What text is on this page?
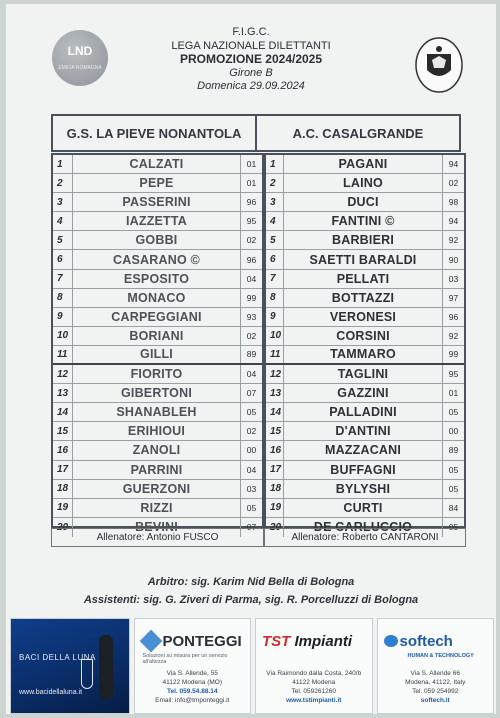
LND
EMILIA ROMAGNA
F.I.G.C.
LEGA NAZIONALE DILETTANTI
PROMOZIONE 2024/2025
Girone B
Domenica 29.09.2024
G.S. LA PIEVE NONANTOLA	A.C. CASALGRANDE
1	CALZATI	01
2	PEPE	01
3	PASSERINI	96
4	IAZZETTA	95
5	GOBBI	02
6	CASARANO ©	96
7	ESPOSITO	04
8	MONACO	99
9	CARPEGGIANI	93
10	BORIANI	02
11	GILLI	89
12	FIORITO	04
13	GIBERTONI	07
14	SHANABLEH	05
15	ERIHIOUI	02
16	ZANOLI	00
17	PARRINI	04
18	GUERZONI	03
19	RIZZI	05
20	BEVINI	07
1	PAGANI	94
2	LAINO	02
3	DUCI	98
4	FANTINI ©	94
5	BARBIERI	92
6	SAETTI BARALDI	90
7	PELLATI	03
8	BOTTAZZI	97
9	VERONESI	96
10	CORSINI	92
11	TAMMARO	99
12	TAGLINI	95
13	GAZZINI	01
14	PALLADINI	05
15	D'ANTINI	00
16	MAZZACANI	89
17	BUFFAGNI	05
18	BYLYSHI	05
19	CURTI	84
20	DE CARLUCCIO	05
Allenatore: Antonio FUSCO	Allenatore: Roberto CANTARONI
Arbitro: sig. Karim Nid Bella di Bologna
Assistenti: sig. G. Ziveri di Parma, sig. R. Porcelluzzi di Bologna
BACI DELLA LUNA
www.bacidellaluna.it
PONTEGGI
Soluzioni su misura per un servizio all'altezza
Via S. Allende, 55
41122 Modena (MO)
Tel. 059.54.88.14
Email: info@tmponteggi.it
TST Impianti
Via Raimondo dalla Costa, 240/b
41122 Modena
Tel. 059261260
www.tstimpianti.it
softech
HUMAN & TECHNOLOGY
Via S. Allende 66
Modena, 41122, Italy
Tel. 059 254992
softech.it
